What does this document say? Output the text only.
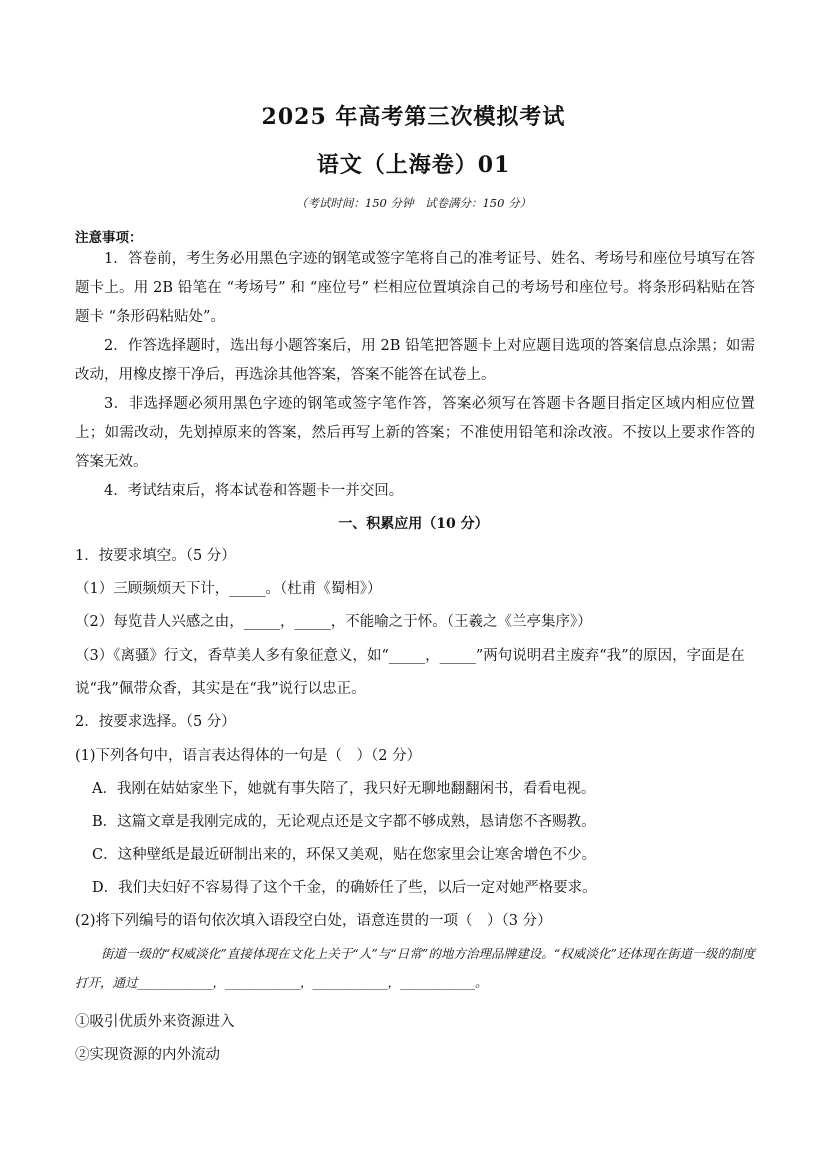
2025 年高考第三次模拟考试
语文（上海卷）01
（考试时间：150 分钟　试卷满分：150 分）
注意事项：
1．答卷前，考生务必用黑色字迹的钢笔或签字笔将自己的准考证号、姓名、考场号和座位号填写在答题卡上。用 2B 铅笔在 “考场号” 和 “座位号” 栏相应位置填涂自己的考场号和座位号。将条形码粘贴在答题卡 “条形码粘贴处”。
2．作答选择题时，选出每小题答案后，用 2B 铅笔把答题卡上对应题目选项的答案信息点涂黑；如需改动，用橡皮擦干净后，再选涂其他答案，答案不能答在试卷上。
3．非选择题必须用黑色字迹的钢笔或签字笔作答，答案必须写在答题卡各题目指定区域内相应位置上；如需改动，先划掉原来的答案，然后再写上新的答案；不准使用铅笔和涂改液。不按以上要求作答的答案无效。
4．考试结束后，将本试卷和答题卡一并交回。
一、积累应用（10 分）
1．按要求填空。（5 分）
（1）三顾频烦天下计，_____。（杜甫《蜀相》）
（2）每览昔人兴感之由，_____，_____，不能喻之于怀。（王羲之《兰亭集序》）
（3）《离骚》行文，香草美人多有象征意义，如“_____，_____”两句说明君主废弃“我”的原因，字面是在
说“我”佩带众香，其实是在“我”说行以忠正。
2．按要求选择。（5 分）
(1)下列各句中，语言表达得体的一句是（　）（2 分）
A．我刚在姑姑家坐下，她就有事失陪了，我只好无聊地翻翻闲书，看看电视。
B．这篇文章是我刚完成的，无论观点还是文字都不够成熟，恳请您不吝赐教。
C．这种壁纸是最近研制出来的，环保又美观，贴在您家里会让寒舍增色不少。
D．我们夫妇好不容易得了这个千金，的确娇任了些，以后一定对她严格要求。
(2)将下列编号的语句依次填入语段空白处，语意连贯的一项（　）（3 分）
街道一级的“权威淡化”直接体现在文化上关于“人”与“日常”的地方治理品牌建设。“权威淡化”还体现在街道一级的制度打开，通过____________，____________，____________，____________。
①吸引优质外来资源进入
②实现资源的内外流动
